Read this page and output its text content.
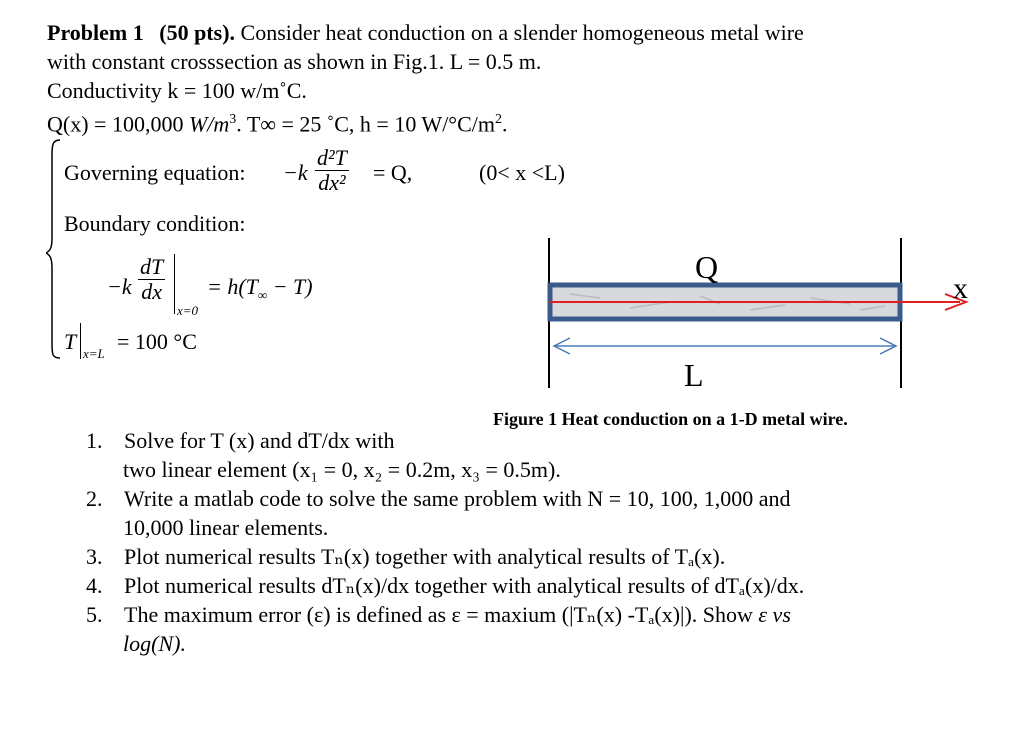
Problem 1 (50 pts). Consider heat conduction on a slender homogeneous metal wire
with constant crosssection as shown in Fig.1. L = 0.5 m.
Conductivity k = 100 w/m˚C.
Q(x) = 100,000 $W/m^3$. T∞ = 25 ˚C, h = 10 $W/^\circ C/m^2$.
Governing equation: −k
d²T
dx² = Q,	(0< x <L)
Boundary condition:
−k
dT
dx
x=0
= $h(T_\infty - T)$
T x=L = 100 °C
Q
x
L
Figure 1 Heat conduction on a 1-D metal wire.
1. Solve for T (x) and dT/dx with
two linear element (x₁ = 0, x₂ = 0.2m, x₃ = 0.5m).
2. Write a matlab code to solve the same problem with N = 10, 100, 1,000 and
10,000 linear elements.
3. Plot numerical results Tₙ(x) together with analytical results of Tₐ(x).
4. Plot numerical results dTₙ(x)/dx together with analytical results of dTₐ(x)/dx.
5. The maximum error (ε) is defined as ε = maxium (|Tₙ(x) -Tₐ(x)|). Show ε vs
log(N).
